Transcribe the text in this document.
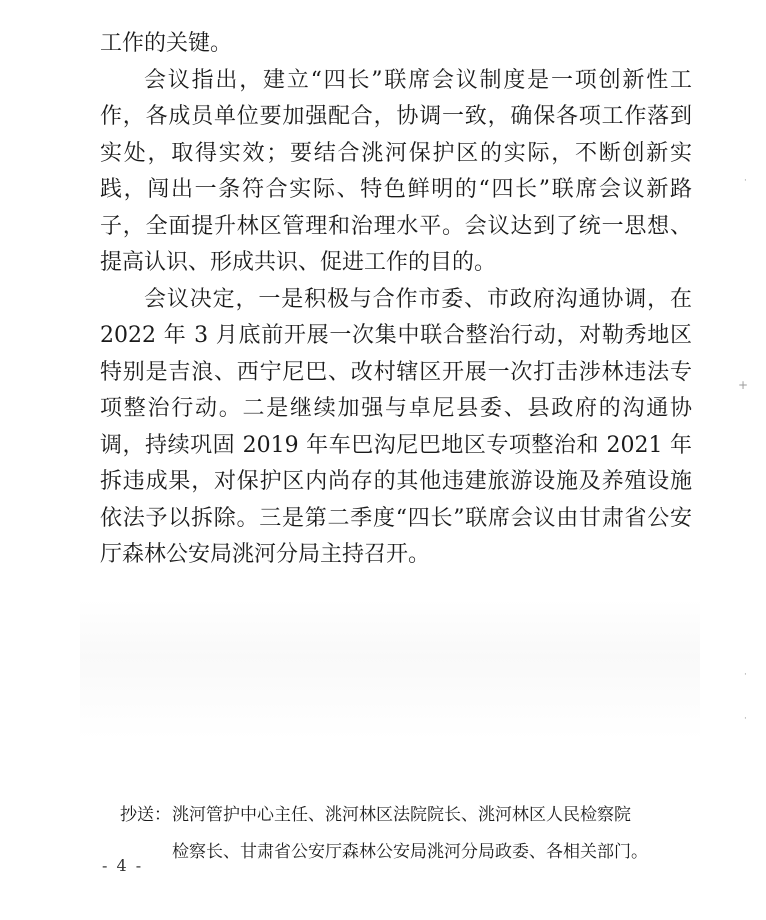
工作的关键。

会议指出，建立“四长”联席会议制度是一项创新性工作，各成员单位要加强配合，协调一致，确保各项工作落到实处，取得实效；要结合洮河保护区的实际，不断创新实践，闯出一条符合实际、特色鲜明的“四长”联席会议新路子，全面提升林区管理和治理水平。会议达到了统一思想、提高认识、形成共识、促进工作的目的。

会议决定，一是积极与合作市委、市政府沟通协调，在 2022 年 3 月底前开展一次集中联合整治行动，对勒秀地区特别是吉浪、西宁尼巴、改村辖区开展一次打击涉林违法专项整治行动。二是继续加强与卓尼县委、县政府的沟通协调，持续巩固 2019 年车巴沟尼巴地区专项整治和 2021 年拆违成果，对保护区内尚存的其他违建旅游设施及养殖设施依法予以拆除。三是第二季度“四长”联席会议由甘肃省公安厅森林公安局洮河分局主持召开。

抄送： 洮河管护中心主任、洮河林区法院院长、洮河林区人民检察院
检察长、甘肃省公安厅森林公安局洮河分局政委、各相关部门。
- 4 -
+
·
·
·
